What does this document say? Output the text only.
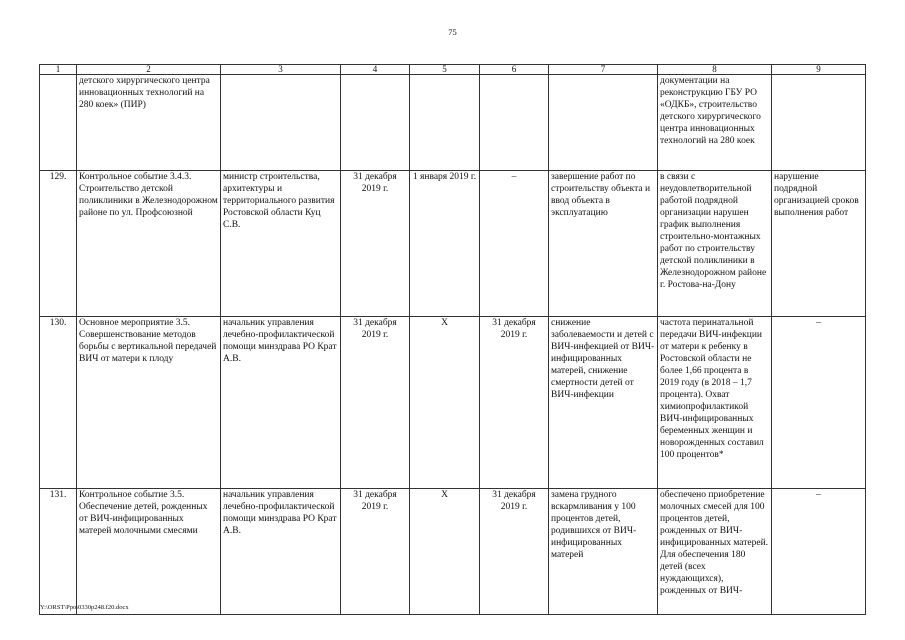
75
1	2	3	4	5	6	7	8	9
	детского хирургического центра инновационных технологий на 280 коек» (ПИР)						документации на реконструкцию ГБУ РО «ОДКБ», строительство детского хирургического центра инновационных технологий на 280 коек	
129.	Контрольное событие 3.4.3. Строительство детской поликлиники в Железнодорожном районе по ул. Профсоюзной	министр строительства, архитектуры и территориального развития Ростовской области Куц С.В.	31 декабря 2019 г.	1 января 2019 г.	–	завершение работ по строительству объекта и ввод объекта в эксплуатацию	в связи с неудовлетворительной работой подрядной организации нарушен график выполнения строительно-монтажных работ по строительству детской поликлиники в Железнодорожном районе г. Ростова-на-Дону	нарушение подрядной организацией сроков выполнения работ
130.	Основное мероприятие 3.5. Совершенствование методов борьбы с вертикальной передачей ВИЧ от матери к плоду	начальник управления лечебно-профилактической помощи минздрава РО Крат А.В.	31 декабря 2019 г.	Х	31 декабря 2019 г.	снижение заболеваемости и детей с ВИЧ-инфекцией от ВИЧ-инфицированных матерей, снижение смертности детей от ВИЧ-инфекции	частота перинатальной передачи ВИЧ-инфекции от матери к ребенку в Ростовской области не более 1,66 процента в 2019 году (в 2018 – 1,7 процента). Охват химиопрофилактикой ВИЧ-инфицированных беременных женщин и новорожденных составил 100 процентов*	–
131.	Контрольное событие 3.5. Обеспечение детей, рожденных от ВИЧ-инфицированных матерей молочными смесями	начальник управления лечебно-профилактической помощи минздрава РО Крат А.В.	31 декабря 2019 г.	Х	31 декабря 2019 г.	замена грудного вскармливания у 100 процентов детей, родившихся от ВИЧ-инфицированных матерей	обеспечено приобретение молочных смесей для 100 процентов детей, рожденных от ВИЧ-инфицированных матерей. Для обеспечения 180 детей (всех нуждающихся), рожденных от ВИЧ-	–
Y:\ORST\Ppo\0330p248.f20.docx
